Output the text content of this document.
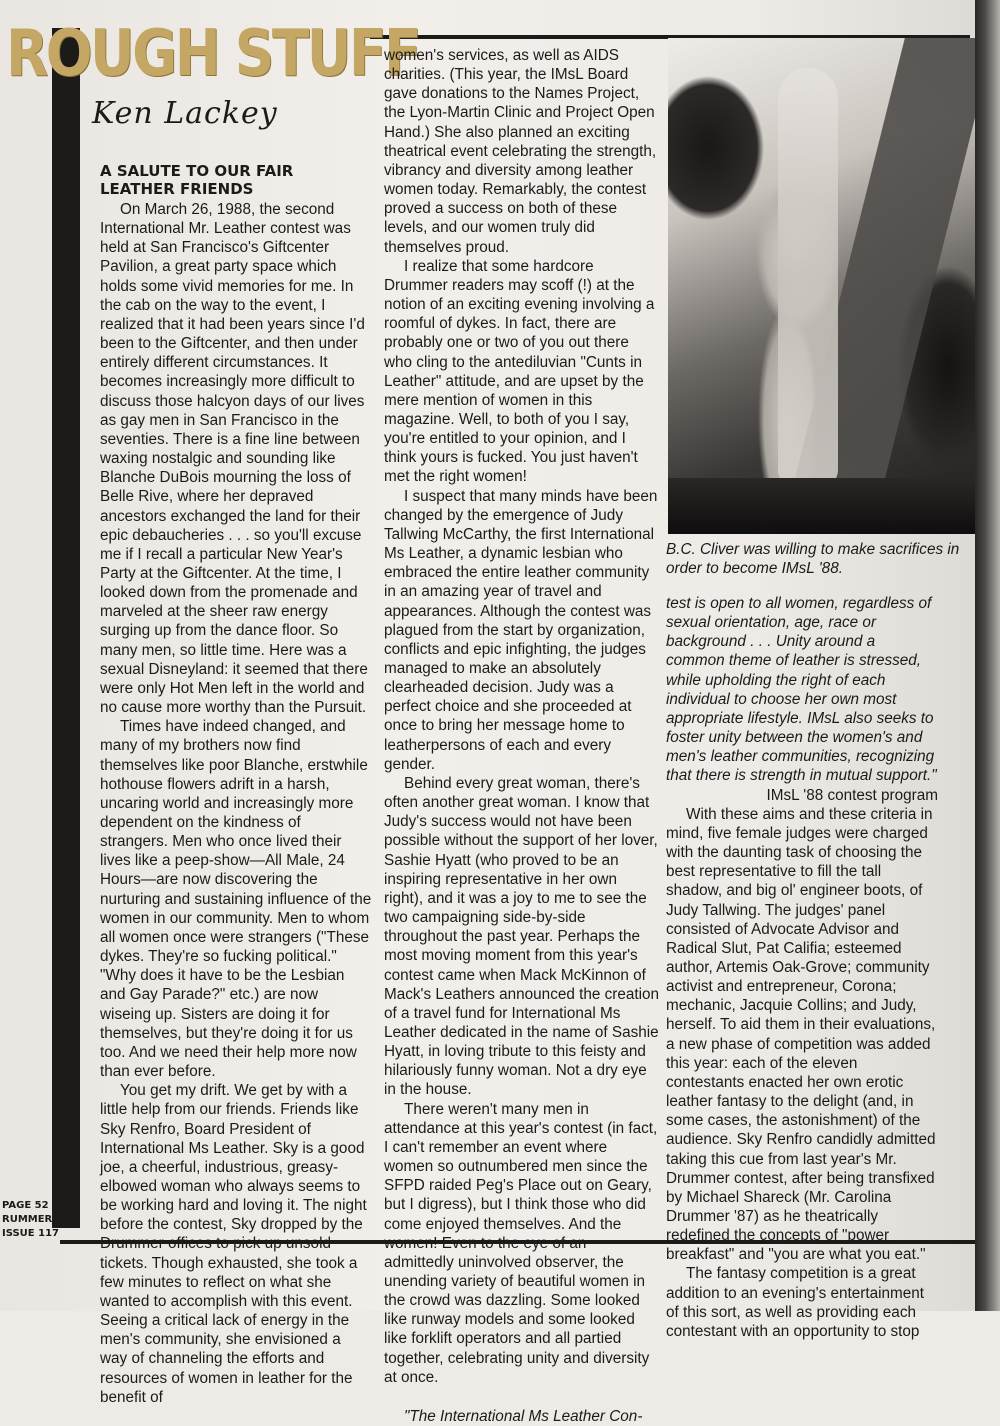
ROUGH STUFF
Ken Lackey
A SALUTE TO OUR FAIR LEATHER FRIENDS

On March 26, 1988, the second International Mr. Leather contest was held at San Francisco's Giftcenter Pavilion, a great party space which holds some vivid memories for me. In the cab on the way to the event, I realized that it had been years since I'd been to the Giftcenter, and then under entirely different circumstances. It becomes increasingly more difficult to discuss those halcyon days of our lives as gay men in San Francisco in the seventies. There is a fine line between waxing nostalgic and sounding like Blanche DuBois mourning the loss of Belle Rive, where her depraved ancestors exchanged the land for their epic debaucheries . . . so you'll excuse me if I recall a particular New Year's Party at the Giftcenter. At the time, I looked down from the promenade and marveled at the sheer raw energy surging up from the dance floor. So many men, so little time. Here was a sexual Disneyland: it seemed that there were only Hot Men left in the world and no cause more worthy than the Pursuit.

Times have indeed changed, and many of my brothers now find themselves like poor Blanche, erstwhile hothouse flowers adrift in a harsh, uncaring world and increasingly more dependent on the kindness of strangers. Men who once lived their lives like a peep-show—All Male, 24 Hours—are now discovering the nurturing and sustaining influence of the women in our community. Men to whom all women once were strangers ("These dykes. They're so fucking political." "Why does it have to be the Lesbian and Gay Parade?" etc.) are now wiseing up. Sisters are doing it for themselves, but they're doing it for us too. And we need their help more now than ever before.

You get my drift. We get by with a little help from our friends. Friends like Sky Renfro, Board President of International Ms Leather. Sky is a good joe, a cheerful, industrious, greasy-elbowed woman who always seems to be working hard and loving it. The night before the contest, Sky dropped by the Drummer offices to pick up unsold tickets. Though exhausted, she took a few minutes to reflect on what she wanted to accomplish with this event. Seeing a critical lack of energy in the men's community, she envisioned a way of channeling the efforts and resources of women in leather for the benefit of

women's services, as well as AIDS charities. (This year, the IMsL Board gave donations to the Names Project, the Lyon-Martin Clinic and Project Open Hand.) She also planned an exciting theatrical event celebrating the strength, vibrancy and diversity among leather women today. Remarkably, the contest proved a success on both of these levels, and our women truly did themselves proud.

I realize that some hardcore Drummer readers may scoff (!) at the notion of an exciting evening involving a roomful of dykes. In fact, there are probably one or two of you out there who cling to the antediluvian "Cunts in Leather" attitude, and are upset by the mere mention of women in this magazine. Well, to both of you I say, you're entitled to your opinion, and I think yours is fucked. You just haven't met the right women!

I suspect that many minds have been changed by the emergence of Judy Tallwing McCarthy, the first International Ms Leather, a dynamic lesbian who embraced the entire leather community in an amazing year of travel and appearances. Although the contest was plagued from the start by organization, conflicts and epic infighting, the judges managed to make an absolutely clearheaded decision. Judy was a perfect choice and she proceeded at once to bring her message home to leatherpersons of each and every gender.

Behind every great woman, there's often another great woman. I know that Judy's success would not have been possible without the support of her lover, Sashie Hyatt (who proved to be an inspiring representative in her own right), and it was a joy to me to see the two campaigning side-by-side throughout the past year. Perhaps the most moving moment from this year's contest came when Mack McKinnon of Mack's Leathers announced the creation of a travel fund for International Ms Leather dedicated in the name of Sashie Hyatt, in loving tribute to this feisty and hilariously funny woman. Not a dry eye in the house.

There weren't many men in attendance at this year's contest (in fact, I can't remember an event where women so outnumbered men since the SFPD raided Peg's Place out on Geary, but I digress), but I think those who did come enjoyed themselves. And the women! Even to the eye of an admittedly uninvolved observer, the unending variety of beautiful women in the crowd was dazzling. Some looked like runway models and some looked like forklift operators and all partied together, celebrating unity and diversity at once.

"The International Ms Leather Con-

B.C. Cliver was willing to make sacrifices in order to become IMsL '88.

test is open to all women, regardless of sexual orientation, age, race or background . . . Unity around a common theme of leather is stressed, while upholding the right of each individual to choose her own most appropriate lifestyle. IMsL also seeks to foster unity between the women's and men's leather communities, recognizing that there is strength in mutual support."

IMsL '88 contest program

With these aims and these criteria in mind, five female judges were charged with the daunting task of choosing the best representative to fill the tall shadow, and big ol' engineer boots, of Judy Tallwing. The judges' panel consisted of Advocate Advisor and Radical Slut, Pat Califia; esteemed author, Artemis Oak-Grove; community activist and entrepreneur, Corona; mechanic, Jacquie Collins; and Judy, herself. To aid them in their evaluations, a new phase of competition was added this year: each of the eleven contestants enacted her own erotic leather fantasy to the delight (and, in some cases, the astonishment) of the audience. Sky Renfro candidly admitted taking this cue from last year's Mr. Drummer contest, after being transfixed by Michael Shareck (Mr. Carolina Drummer '87) as he theatrically redefined the concepts of "power breakfast" and "you are what you eat."

The fantasy competition is a great addition to an evening's entertainment of this sort, as well as providing each contestant with an opportunity to stop

PAGE 52
RUMMER
ISSUE 117
